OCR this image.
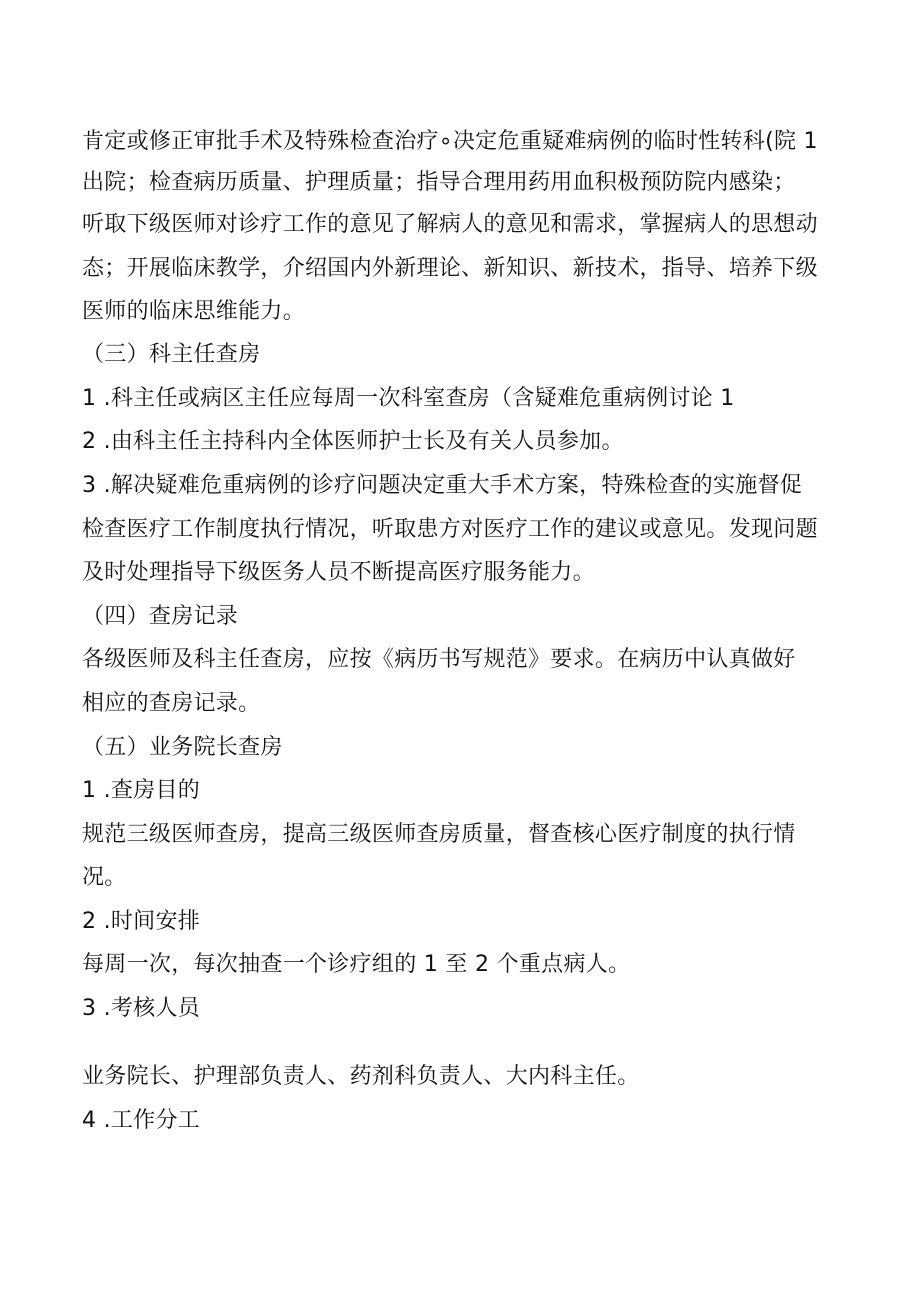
肯定或修正审批手术及特殊检查治疗∘决定危重疑难病例的临时性转科(院 1
出院；检查病历质量、护理质量；指导合理用药用血积极预防院内感染；
听取下级医师对诊疗工作的意见了解病人的意见和需求，掌握病人的思想动
态；开展临床教学，介绍国内外新理论、新知识、新技术，指导、培养下级
医师的临床思维能力。
（三）科主任查房
1 .科主任或病区主任应每周一次科室查房（含疑难危重病例讨论 1
2 .由科主任主持科内全体医师护士长及有关人员参加。
3 .解决疑难危重病例的诊疗问题决定重大手术方案，特殊检查的实施督促
检查医疗工作制度执行情况，听取患方对医疗工作的建议或意见。发现问题
及时处理指导下级医务人员不断提高医疗服务能力。
（四）查房记录
各级医师及科主任查房，应按《病历书写规范》要求。在病历中认真做好
相应的查房记录。
（五）业务院长查房
1 .查房目的
规范三级医师查房，提高三级医师查房质量，督查核心医疗制度的执行情
况。
2 .时间安排
每周一次，每次抽查一个诊疗组的 1 至 2 个重点病人。
3 .考核人员
业务院长、护理部负责人、药剂科负责人、大内科主任。
4 .工作分工
